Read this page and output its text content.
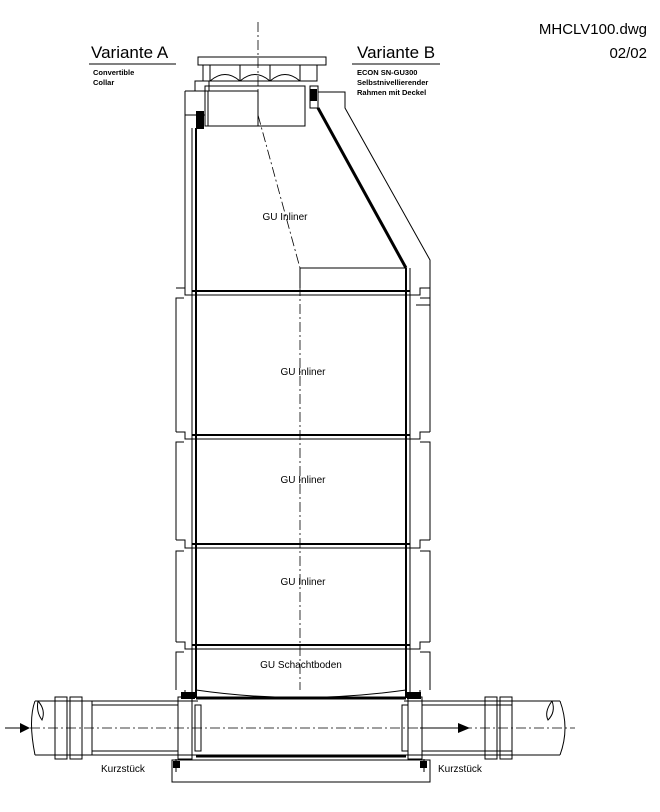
MHCLV100.dwg
02/02
Variante A
Convertible
Collar
Variante B
ECON SN-GU300
Selbstnivellierender
Rahmen mit Deckel
GU Inliner
GU Inliner
GU Inliner
GU Inliner
GU Schachtboden
Kurzstück	Kurzstück
